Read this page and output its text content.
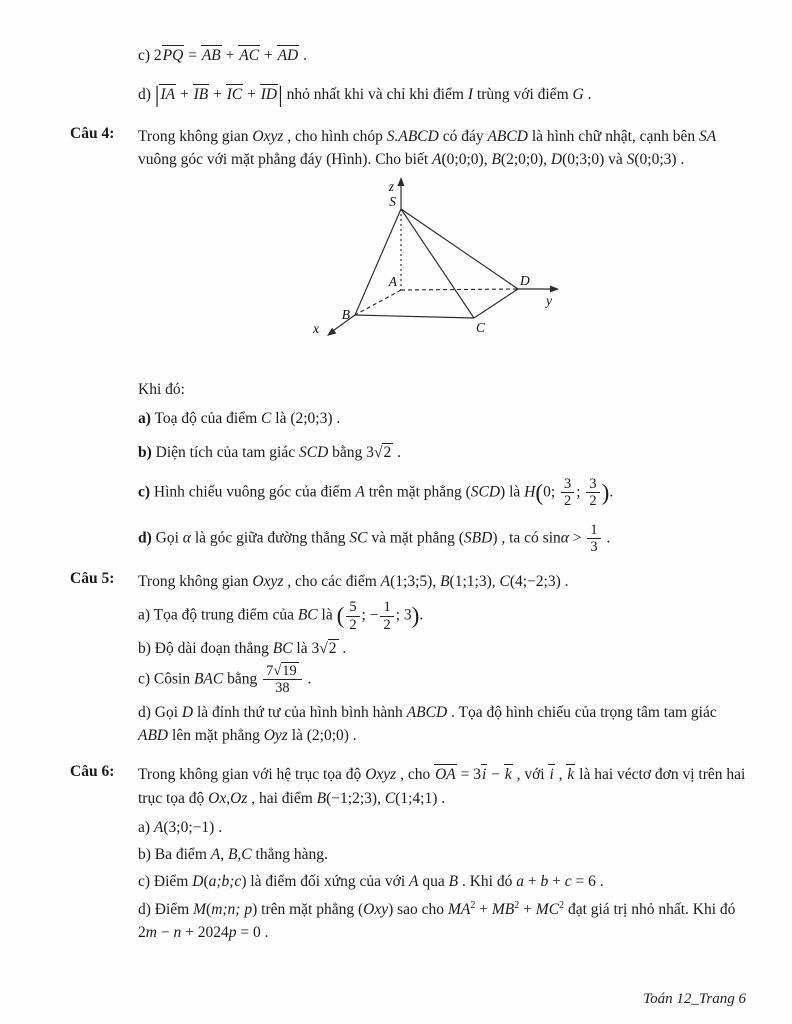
c) 2PQ = AB + AC + AD .
d) |IA + IB + IC + ID| nhỏ nhất khi và chỉ khi điểm I trùng với điểm G .
Câu 4:	Trong không gian Oxyz , cho hình chóp S.ABCD có đáy ABCD là hình chữ nhật, cạnh bên SA vuông góc với mặt phẳng đáy (Hình). Cho biết A(0;0;0), B(2;0;0), D(0;3;0) và S(0;0;3) .
z
S
A
B
C
D
y
x
Khi đó:
a) Toạ độ của điểm C là (2;0;3) .
b) Diện tích của tam giác SCD bằng 3√2 .
c) Hình chiếu vuông góc của điểm A trên mặt phẳng (SCD) là H(0; $\frac{3}{2}$ ; $\frac{3}{2}$ ).
d) Gọi α là góc giữa đường thẳng SC và mặt phẳng (SBD) , ta có $\sin\alpha > \frac{1}{3}$ .
Câu 5:	Trong không gian Oxyz , cho các điểm A(1;3;5), B(1;1;3), C(4;−2;3) .
a) Tọa độ trung điểm của BC là ( $\frac{5}{2}$ ; − $\frac{1}{2}$ ; 3).
b) Độ dài đoạn thẳng BC là 3√2 .
c) Côsin BAC bằng $\frac{7√19}{38}$ .
d) Gọi D là đỉnh thứ tư của hình bình hành ABCD . Tọa độ hình chiếu của trọng tâm tam giác ABD lên mặt phẳng Oyz là (2;0;0) .
Câu 6:	Trong không gian với hệ trục tọa độ Oxyz , cho OA = 3i − k , với i , k là hai véctơ đơn vị trên hai trục tọa độ Ox,Oz , hai điểm B(−1;2;3), C(1;4;1) .
a) A(3;0;−1) .
b) Ba điểm A, B,C thẳng hàng.
c) Điểm D(a;b;c) là điểm đối xứng của với A qua B . Khi đó a + b + c = 6 .
d) Điểm M(m;n; p) trên mặt phẳng (Oxy) sao cho $MA^2 + MB^2 + MC^2$ đạt giá trị nhỏ nhất. Khi đó 2m − n + 2024p = 0 .
Toán 12_Trang 6
